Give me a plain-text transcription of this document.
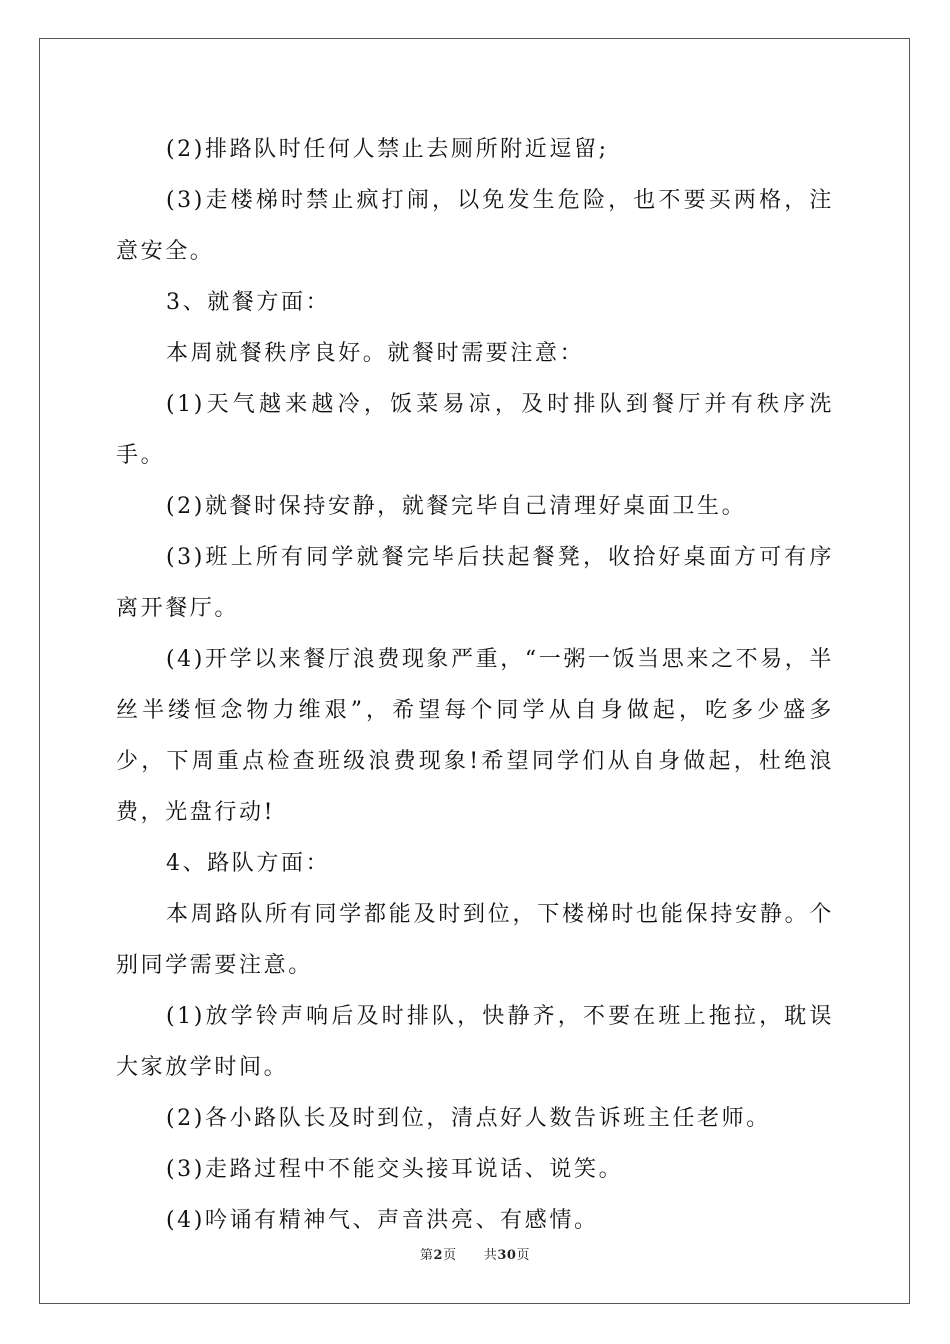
(2)排路队时任何人禁止去厕所附近逗留;

(3)走楼梯时禁止疯打闹，以免发生危险，也不要买两格，注意安全。

3、就餐方面：

本周就餐秩序良好。就餐时需要注意：

(1)天气越来越冷，饭菜易凉，及时排队到餐厅并有秩序洗手。

(2)就餐时保持安静，就餐完毕自己清理好桌面卫生。

(3)班上所有同学就餐完毕后扶起餐凳，收拾好桌面方可有序离开餐厅。

(4)开学以来餐厅浪费现象严重，“一粥一饭当思来之不易，半丝半缕恒念物力维艰”，希望每个同学从自身做起，吃多少盛多少，下周重点检查班级浪费现象!希望同学们从自身做起，杜绝浪费，光盘行动!

4、路队方面：

本周路队所有同学都能及时到位，下楼梯时也能保持安静。个别同学需要注意。

(1)放学铃声响后及时排队，快静齐，不要在班上拖拉，耽误大家放学时间。

(2)各小路队长及时到位，清点好人数告诉班主任老师。

(3)走路过程中不能交头接耳说话、说笑。

(4)吟诵有精神气、声音洪亮、有感情。

第2页 共30页
